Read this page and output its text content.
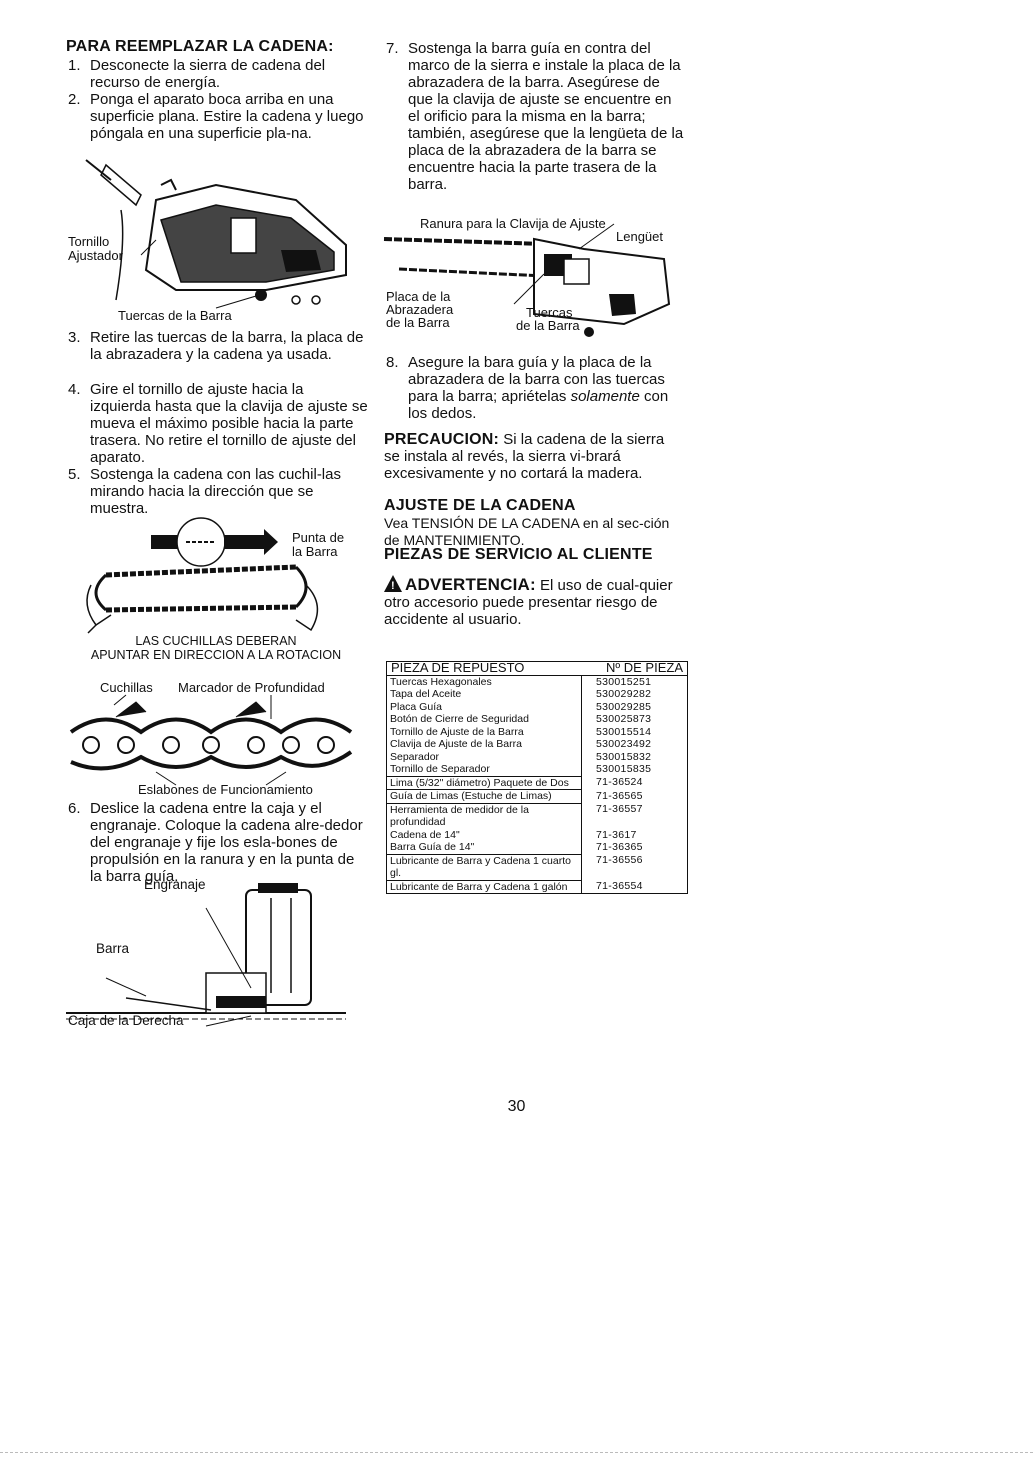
PARA REEMPLAZAR LA CADENA:
1. Desconecte la sierra de cadena del recurso de energía.
2. Ponga el aparato boca arriba en una superficie plana. Estire la cadena y luego póngala en una superficie pla-na.
Tornillo
Ajustador
Tuercas de la Barra
3. Retire las tuercas de la barra, la placa de la abrazadera y la cadena ya usada.
4. Gire el tornillo de ajuste hacia la izquierda hasta que la clavija de ajuste se mueva el máximo posible hacia la parte trasera. No retire el tornillo de ajuste del aparato.
5. Sostenga la cadena con las cuchil-las mirando hacia la dirección que se muestra.
Punta de
la Barra
LAS CUCHILLAS DEBERAN
APUNTAR EN DIRECCION A LA ROTACION
Cuchillas Marcador de Profundidad
Eslabones de Funcionamiento
6. Deslice la cadena entre la caja y el engranaje. Coloque la cadena alre-dedor del engranaje y fije los esla-bones de propulsión en la ranura y en la punta de la barra guía.
Engranaje
Barra
Caja de la Derecha
7. Sostenga la barra guía en contra del marco de la sierra e instale la placa de la abrazadera de la barra. Asegúrese de que la clavija de ajuste se encuentre en el orificio para la misma en la barra; también, asegúrese que la lengüeta de la placa de la abrazadera de la barra se encuentre hacia la parte trasera de la barra.
Ranura para la Clavija de Ajuste
Lengüet
Placa de la
Abrazadera
de la Barra
Tuercas
de la Barra
8. Asegure la bara guía y la placa de la abrazadera de la barra con las tuercas para la barra; apriételas solamente con los dedos.
PRECAUCION: Si la cadena de la sierra se instala al revés, la sierra vi-brará excesivamente y no cortará la madera.
AJUSTE DE LA CADENA
Vea TENSIÓN DE LA CADENA en al sec-ción de MANTENIMIENTO.
PIEZAS DE SERVICIO AL CLIENTE
!ADVERTENCIA: El uso de cual-quier otro accesorio puede presentar riesgo de accidente al usuario.
PIEZA DE REPUESTO	Nº DE PIEZA
Tuercas Hexagonales	530015251
Tapa del Aceite	530029282
Placa Guía	530029285
Botón de Cierre de Seguridad	530025873
Tornillo de Ajuste de la Barra	530015514
Clavija de Ajuste de la Barra	530023492
Separador	530015832
Tornillo de Separador	530015835
Lima (5/32" diámetro) Paquete de Dos	71-36524
Guía de Limas (Estuche de Limas)	71-36565
Herramienta de medidor de la profundidad	71-36557
Cadena de 14"	71-3617
Barra Guía de 14"	71-36365
Lubricante de Barra y Cadena 1 cuarto gl.	71-36556
Lubricante de Barra y Cadena 1 galón	71-36554
30
